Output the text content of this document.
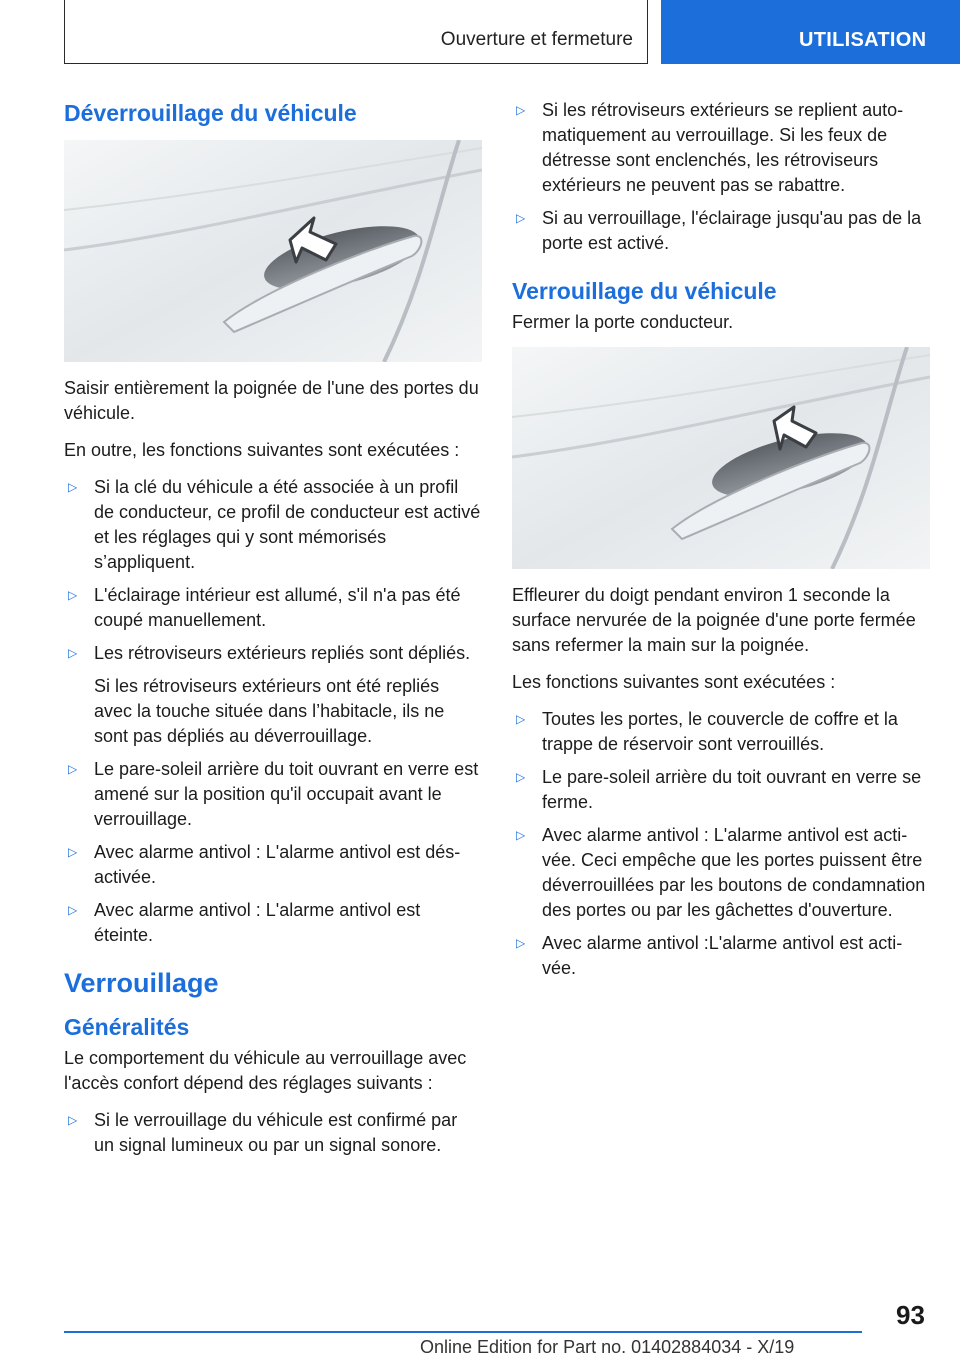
Ouverture et fermeture	UTILISATION
Déverrouillage du véhicule

Saisir entièrement la poignée de l'une des portes du véhicule.

En outre, les fonctions suivantes sont exécutées :

▷ Si la clé du véhicule a été associée à un profil de conducteur, ce profil de conducteur est activé et les réglages qui y sont mémorisés s’appliquent.
▷ L'éclairage intérieur est allumé, s'il n'a pas été coupé manuellement.
▷ Les rétroviseurs extérieurs repliés sont dépliés.
Si les rétroviseurs extérieurs ont été repliés avec la touche située dans l’habitacle, ils ne sont pas dépliés au déverrouillage.
▷ Le pare-soleil arrière du toit ouvrant en verre est amené sur la position qu'il occupait avant le verrouillage.
▷ Avec alarme antivol : L'alarme antivol est désactivée.
▷ Avec alarme antivol : L'alarme antivol est éteinte.
Verrouillage
Généralités

Le comportement du véhicule au verrouillage avec l'accès confort dépend des réglages suivants :

▷ Si le verrouillage du véhicule est confirmé par un signal lumineux ou par un signal sonore.
▷ Si les rétroviseurs extérieurs se replient automatiquement au verrouillage. Si les feux de détresse sont enclenchés, les rétroviseurs extérieurs ne peuvent pas se rabattre.
▷ Si au verrouillage, l'éclairage jusqu'au pas de la porte est activé.
Verrouillage du véhicule

Fermer la porte conducteur.

Effleurer du doigt pendant environ 1 seconde la surface nervurée de la poignée d'une porte fermée sans refermer la main sur la poignée.

Les fonctions suivantes sont exécutées :

▷ Toutes les portes, le couvercle de coffre et la trappe de réservoir sont verrouillés.
▷ Le pare-soleil arrière du toit ouvrant en verre se ferme.
▷ Avec alarme antivol : L'alarme antivol est activée. Ceci empêche que les portes puissent être déverrouillées par les boutons de condamnation des portes ou par les gâchettes d'ouverture.
▷ Avec alarme antivol :L'alarme antivol est activée.
93
Online Edition for Part no. 01402884034 - X/19
